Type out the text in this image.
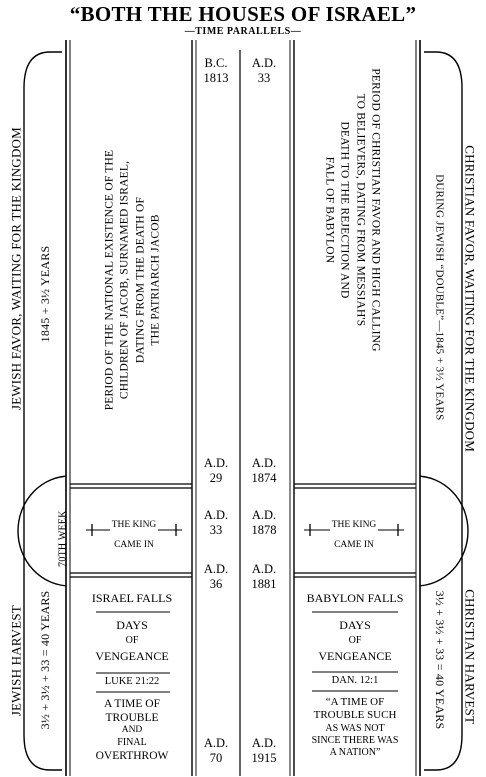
“BOTH THE HOUSES OF ISRAEL”
—TIME PARALLELS—
JEWISH FAVOR, WAITING FOR THE KINGDOM 1845 + 3½ YEARS
JEWISH HARVEST 3½ + 3½ + 33 = 40 YEARS
70TH WEEK
CHRISTIAN FAVOR, WAITING FOR THE KINGDOM
DURING JEWISH “DOUBLE”—1845 + 3½ YEARS
CHRISTIAN HARVEST
3½ + 3½ + 33 = 40 YEARS
PERIOD OF THE NATIONAL EXISTENCE OF THE CHILDREN OF JACOB, SURNAMED ISRAEL, DATING FROM THE DEATH OF THE PATRIARCH JACOB	PERIOD OF CHRISTIAN FAVOR AND HIGH CALLING
TO BELIEVERS, DATING FROM MESSIAH'S
DEATH TO THE REJECTION AND
FALL OF BABYLON
THE KING
CAME IN
THE KING
CAME IN
B.C.
1813
A.D.
29
A.D.
33
A.D.
36
A.D.
70
A.D.
33
A.D.
1874
A.D.
1878
A.D.
1881
A.D.
1915
ISRAEL FALLS
DAYS
OF
VENGEANCE
LUKE 21:22
A TIME OF
TROUBLE
AND
FINAL
OVERTHROW
BABYLON FALLS
DAYS
OF
VENGEANCE
DAN. 12:1
“A TIME OF
TROUBLE SUCH
AS WAS NOT
SINCE THERE WAS
A NATION”
